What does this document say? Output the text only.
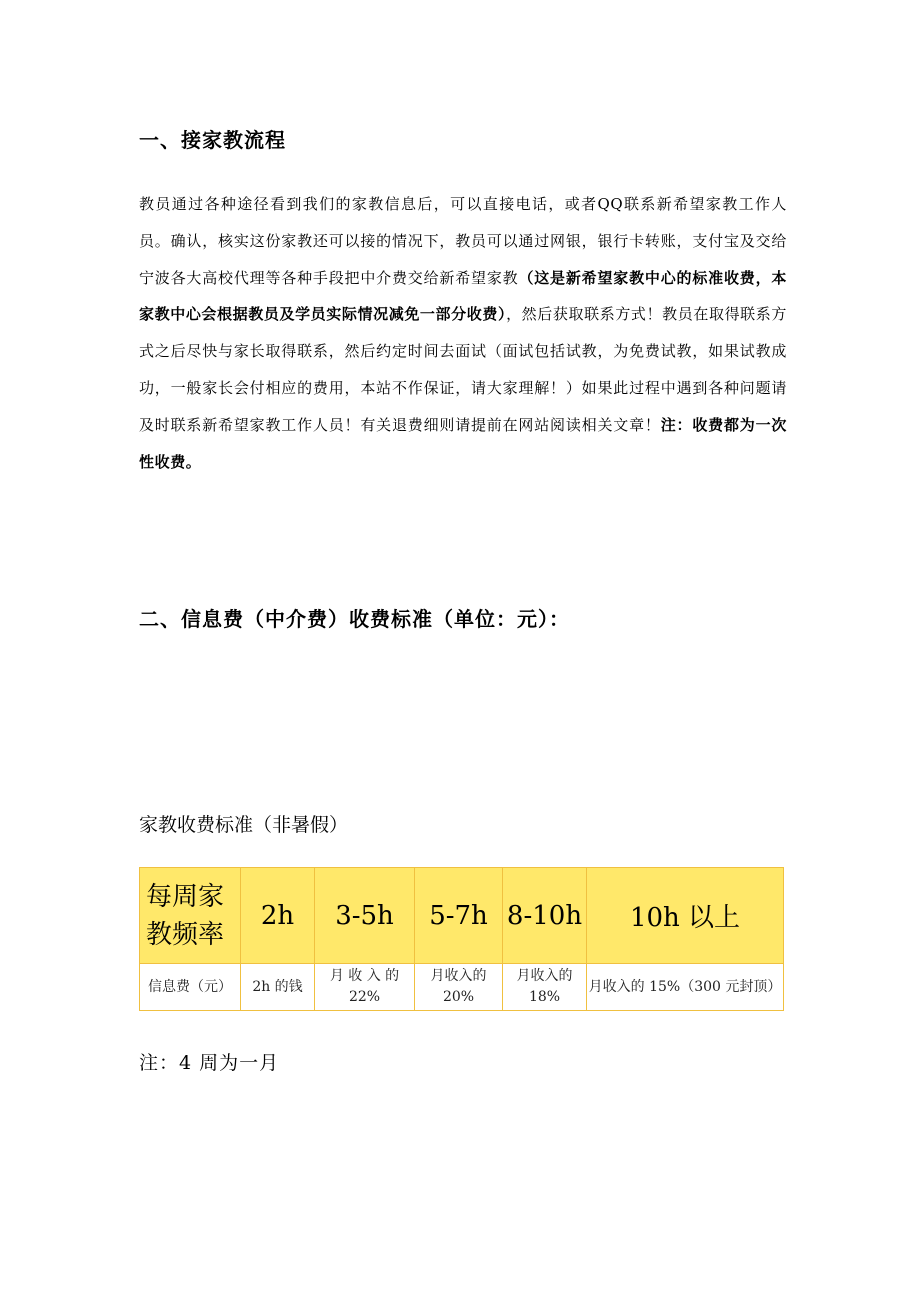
一、接家教流程
教员通过各种途径看到我们的家教信息后，可以直接电话，或者QQ联系新希望家教工作人员。确认，核实这份家教还可以接的情况下，教员可以通过网银，银行卡转账，支付宝及交给宁波各大高校代理等各种手段把中介费交给新希望家教（这是新希望家教中心的标准收费，本家教中心会根据教员及学员实际情况减免一部分收费），然后获取联系方式！教员在取得联系方式之后尽快与家长取得联系，然后约定时间去面试（面试包括试教，为免费试教，如果试教成功，一般家长会付相应的费用，本站不作保证，请大家理解！）如果此过程中遇到各种问题请及时联系新希望家教工作人员！有关退费细则请提前在网站阅读相关文章！注：收费都为一次性收费。
二、信息费（中介费）收费标准（单位：元）：
家教收费标准（非暑假）
每周家教频率	2h	3-5h	5-7h	8-10h	10h 以上
信息费（元）	2h 的钱	月 收 入 的 22%	月收入的 20%	月收入的 18%	月收入的 15%（300 元封顶）
注：4 周为一月
